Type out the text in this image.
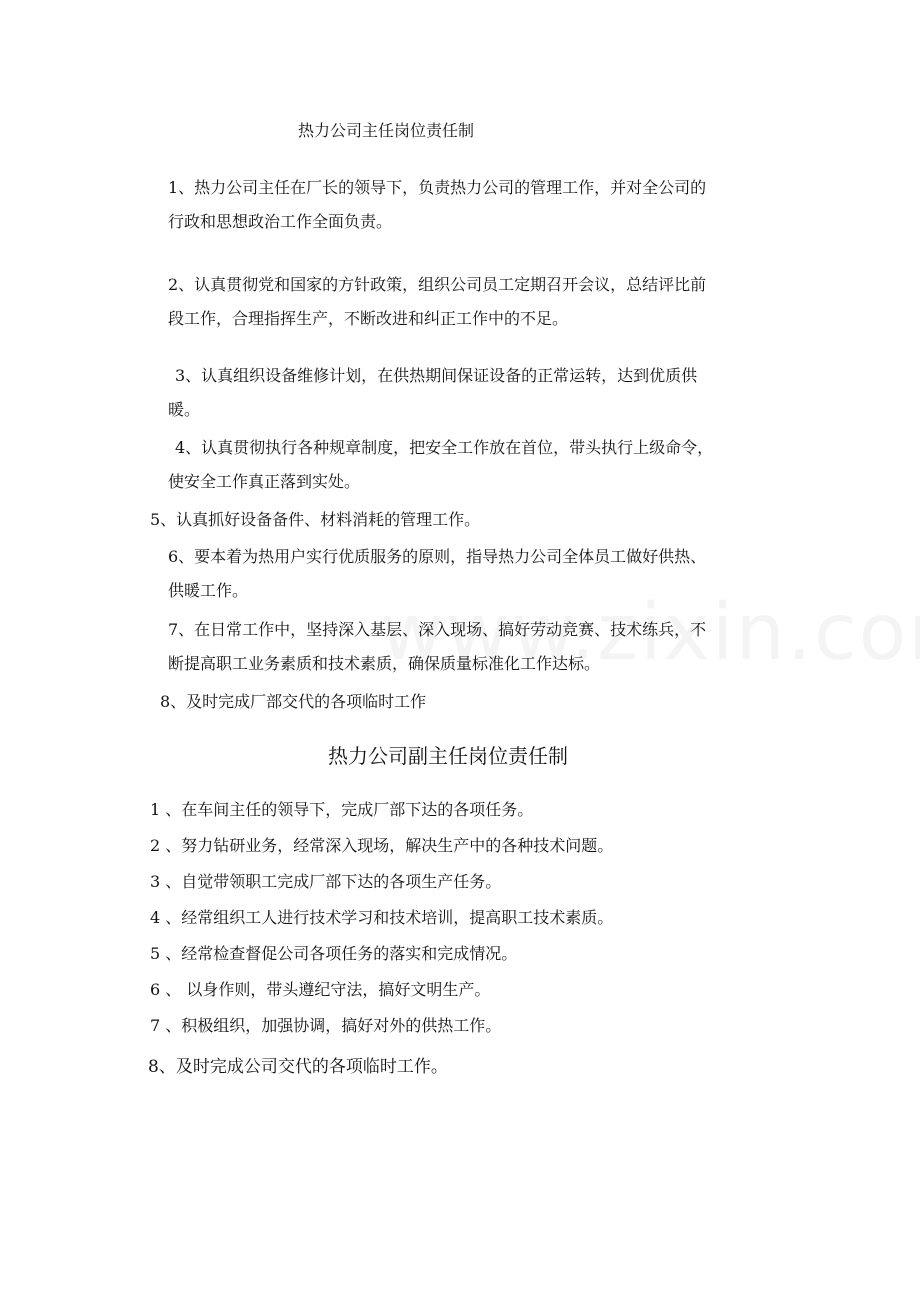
热力公司主任岗位责任制
1、热力公司主任在厂长的领导下，负责热力公司的管理工作，并对全公司的
行政和思想政治工作全面负责。
2、认真贯彻党和国家的方针政策，组织公司员工定期召开会议，总结评比前
段工作，合理指挥生产，不断改进和纠正工作中的不足。
3、认真组织设备维修计划，在供热期间保证设备的正常运转，达到优质供
暖。
4、认真贯彻执行各种规章制度，把安全工作放在首位，带头执行上级命令，
使安全工作真正落到实处。
5、认真抓好设备备件、材料消耗的管理工作。
6、要本着为热用户实行优质服务的原则，指导热力公司全体员工做好供热、
供暖工作。
7、在日常工作中，坚持深入基层、深入现场、搞好劳动竞赛、技术练兵，不
断提高职工业务素质和技术素质，确保质量标准化工作达标。
8、及时完成厂部交代的各项临时工作
热力公司副主任岗位责任制
1 、在车间主任的领导下，完成厂部下达的各项任务。
2 、努力钻研业务，经常深入现场，解决生产中的各种技术问题。
3 、自觉带领职工完成厂部下达的各项生产任务。
4 、经常组织工人进行技术学习和技术培训，提高职工技术素质。
5 、经常检查督促公司各项任务的落实和完成情况。
6 、 以身作则，带头遵纪守法，搞好文明生产。
7 、积极组织，加强协调，搞好对外的供热工作。
8、及时完成公司交代的各项临时工作。
